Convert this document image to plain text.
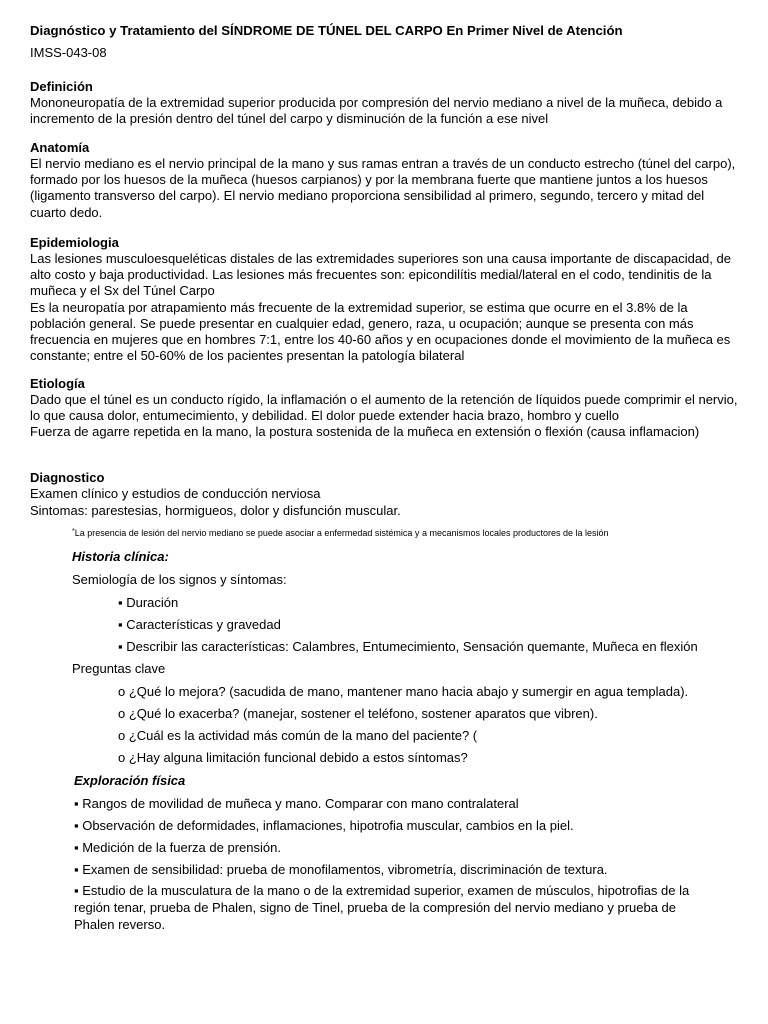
Diagnóstico y Tratamiento del SÍNDROME DE TÚNEL DEL CARPO En Primer Nivel de Atención
IMSS-043-08
Definición

Mononeuropatía de la extremidad superior producida por compresión del nervio mediano a nivel de la muñeca, debido a incremento de la presión dentro del túnel del carpo y disminución de la función a ese nivel

Anatomía

El nervio mediano es el nervio principal de la mano y sus ramas entran a través de un conducto estrecho (túnel del carpo), formado por los huesos de la muñeca (huesos carpianos) y por la membrana fuerte que mantiene juntos a los huesos (ligamento transverso del carpo). El nervio mediano proporciona sensibilidad al primero, segundo, tercero y mitad del cuarto dedo.

Epidemiologia

Las lesiones musculoesqueléticas distales de las extremidades superiores son una causa importante de discapacidad, de alto costo y baja productividad. Las lesiones más frecuentes son: epicondilítis medial/lateral en el codo, tendinitis de la muñeca y el Sx del Túnel Carpo

Es la neuropatía por atrapamiento más frecuente de la extremidad superior, se estima que ocurre en el 3.8% de la población general. Se puede presentar en cualquier edad, genero, raza, u ocupación; aunque se presenta con más frecuencia en mujeres que en hombres 7:1, entre los 40-60 años y en ocupaciones donde el movimiento de la muñeca es constante; entre el 50-60% de los pacientes presentan la patología bilateral

Etiología

Dado que el túnel es un conducto rígido, la inflamación o el aumento de la retención de líquidos puede comprimir el nervio, lo que causa dolor, entumecimiento, y debilidad. El dolor puede extender hacia brazo, hombro y cuello

Fuerza de agarre repetida en la mano, la postura sostenida de la muñeca en extensión o flexión (causa inflamacion)

Diagnostico

Examen clínico y estudios de conducción nerviosa

Sintomas: parestesias, hormigueos, dolor y disfunción muscular.

*La presencia de lesión del nervio mediano se puede asociar a enfermedad sistémica y a mecanismos locales productores de la lesión
Historia clínica:
Semiología de los signos y síntomas:
▪ Duración
▪ Características y gravedad
▪ Describir las características: Calambres, Entumecimiento, Sensación quemante, Muñeca en flexión
Preguntas clave
o ¿Qué lo mejora? (sacudida de mano, mantener mano hacia abajo y sumergir en agua templada).
o ¿Qué lo exacerba? (manejar, sostener el teléfono, sostener aparatos que vibren).
o ¿Cuál es la actividad más común de la mano del paciente? (
o ¿Hay alguna limitación funcional debido a estos síntomas?
Exploración física
▪ Rangos de movilidad de muñeca y mano. Comparar con mano contralateral
▪ Observación de deformidades, inflamaciones, hipotrofia muscular, cambios en la piel.
▪ Medición de la fuerza de prensión.
▪ Examen de sensibilidad: prueba de monofilamentos, vibrometría, discriminación de textura.
▪ Estudio de la musculatura de la mano o de la extremidad superior, examen de músculos, hipotrofias de la región tenar, prueba de Phalen, signo de Tinel, prueba de la compresión del nervio mediano y prueba de Phalen reverso.
